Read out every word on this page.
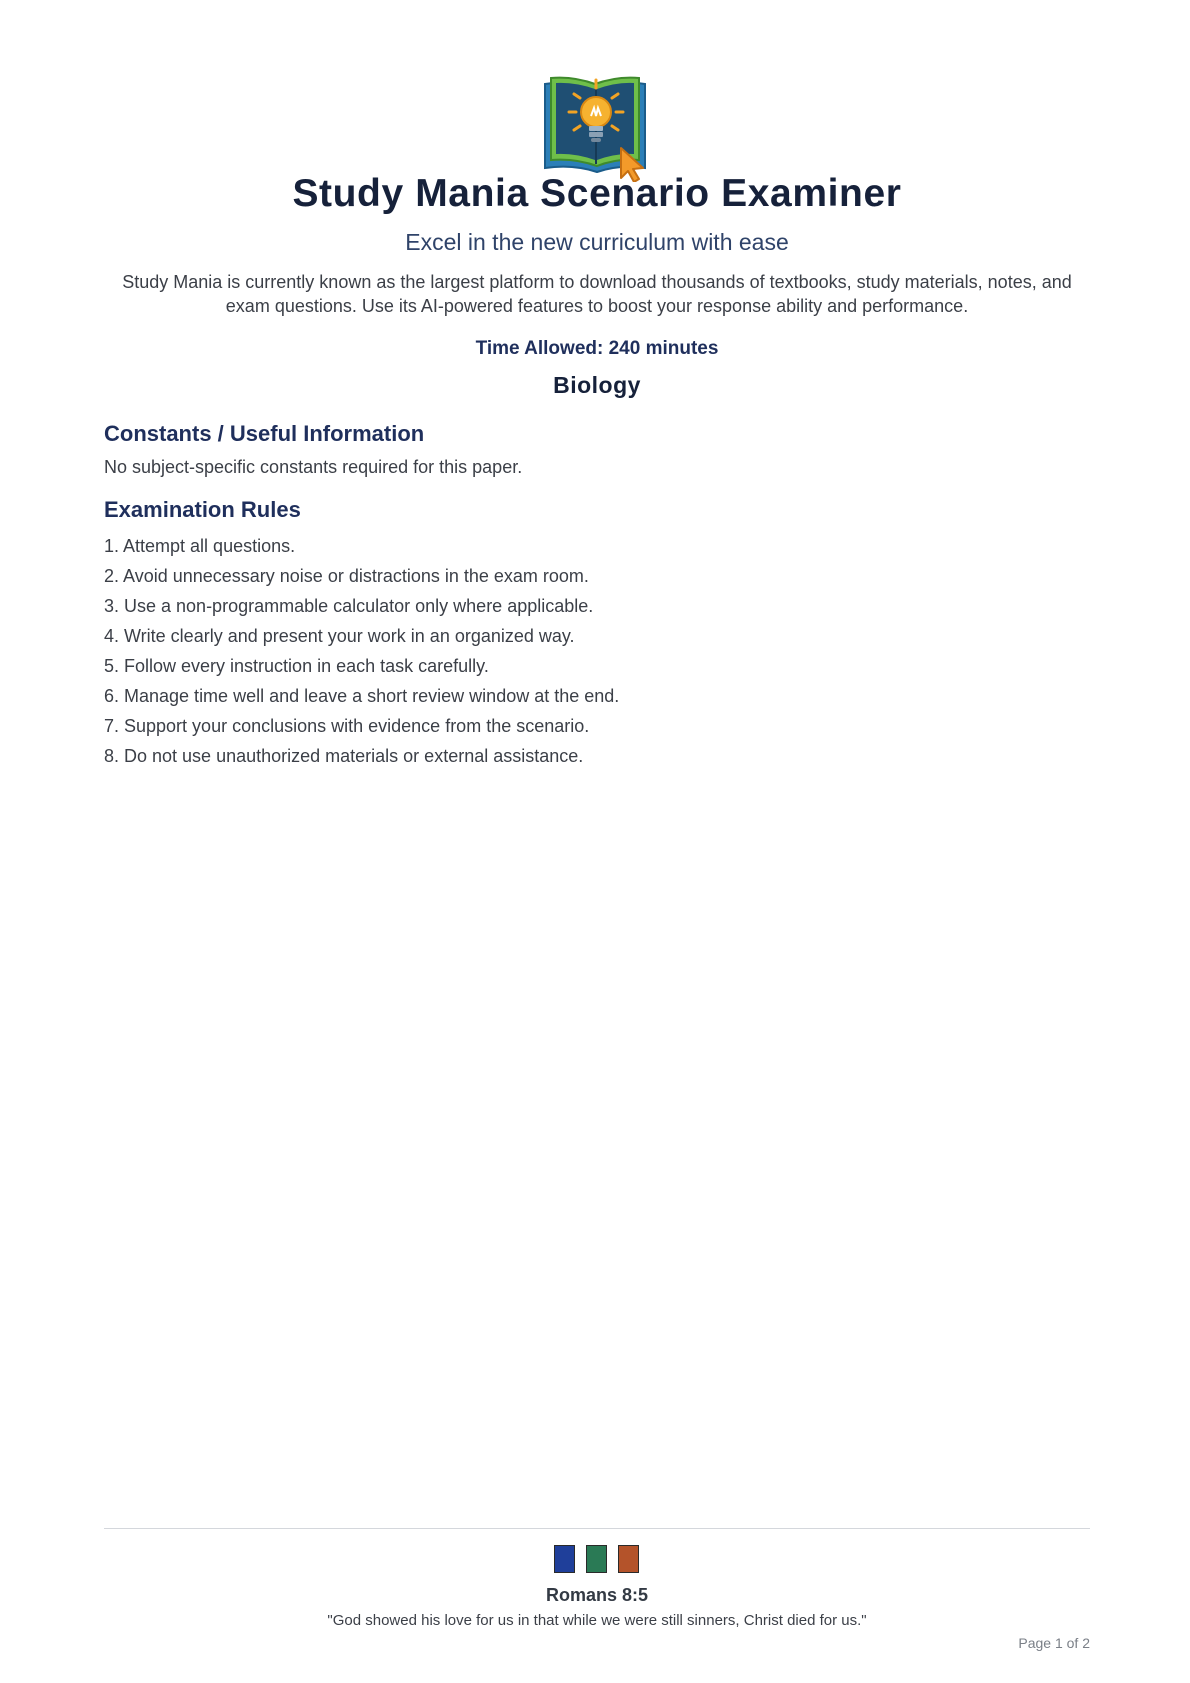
Study Mania Scenario Examiner
Excel in the new curriculum with ease
Study Mania is currently known as the largest platform to download thousands of textbooks, study materials, notes, and exam questions. Use its AI-powered features to boost your response ability and performance.
Time Allowed: 240 minutes
Biology
Constants / Useful Information
No subject-specific constants required for this paper.
Examination Rules
1. Attempt all questions.
2. Avoid unnecessary noise or distractions in the exam room.
3. Use a non-programmable calculator only where applicable.
4. Write clearly and present your work in an organized way.
5. Follow every instruction in each task carefully.
6. Manage time well and leave a short review window at the end.
7. Support your conclusions with evidence from the scenario.
8. Do not use unauthorized materials or external assistance.
Romans 8:5
"God showed his love for us in that while we were still sinners, Christ died for us."
Page 1 of 2
